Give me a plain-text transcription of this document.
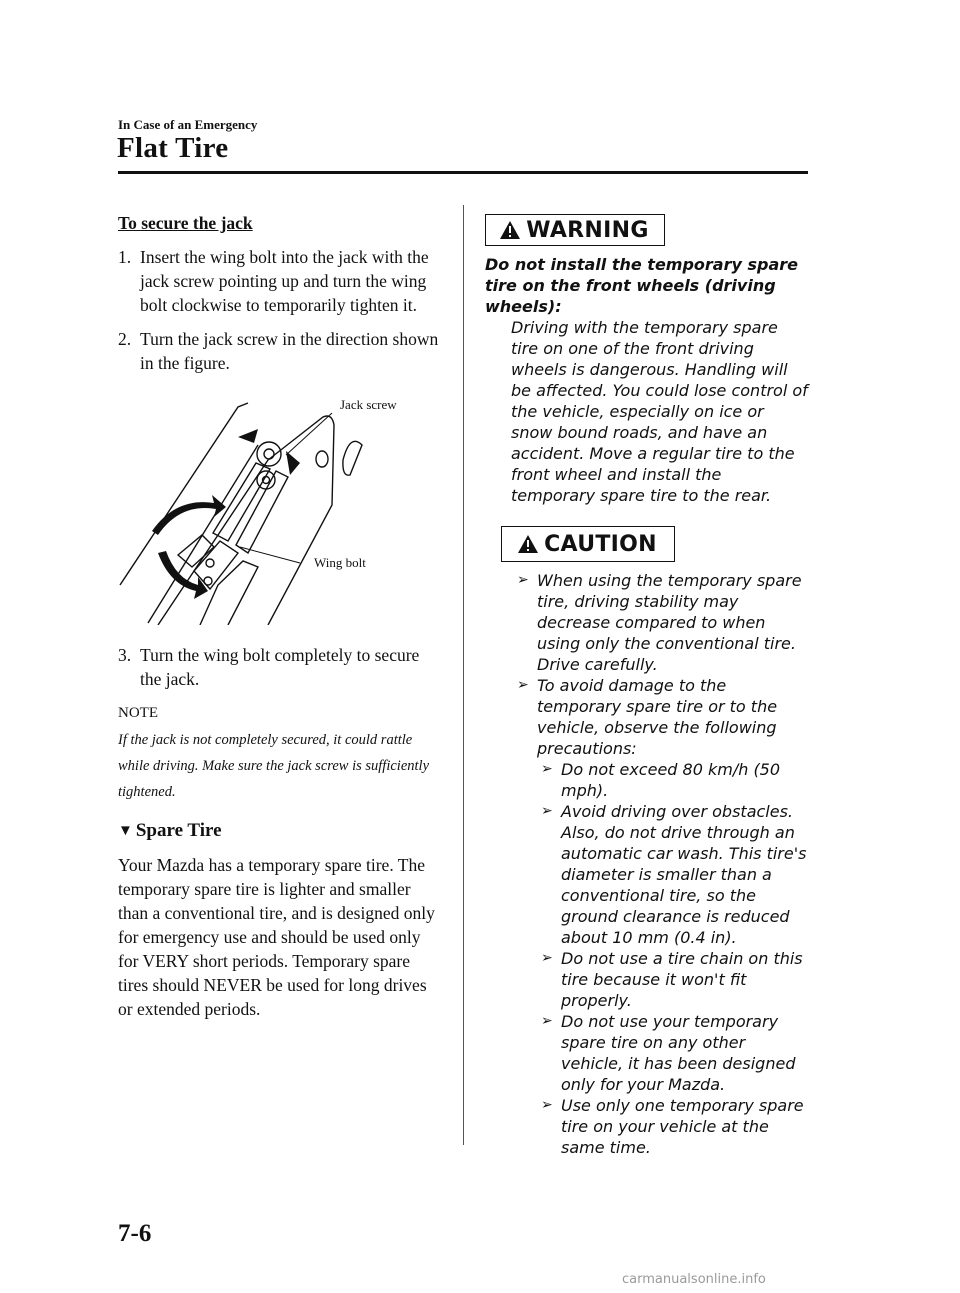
In Case of an Emergency
Flat Tire

To secure the jack

1. Insert the wing bolt into the jack with the jack screw pointing up and turn the wing bolt clockwise to temporarily tighten it.
2. Turn the jack screw in the direction shown in the figure.
Jack screw
Wing bolt
3. Turn the wing bolt completely to secure the jack.
NOTE

If the jack is not completely secured, it could rattle while driving. Make sure the jack screw is sufficiently tightened.

▼ Spare Tire

Your Mazda has a temporary spare tire. The temporary spare tire is lighter and smaller than a conventional tire, and is designed only for emergency use and should be used only for VERY short periods. Temporary spare tires should NEVER be used for long drives or extended periods.

WARNING

Do not install the temporary spare tire on the front wheels (driving wheels):

Driving with the temporary spare tire on one of the front driving wheels is dangerous. Handling will be affected. You could lose control of the vehicle, especially on ice or snow bound roads, and have an accident. Move a regular tire to the front wheel and install the temporary spare tire to the rear.

CAUTION
➢ When using the temporary spare tire, driving stability may decrease compared to when using only the conventional tire. Drive carefully.
➢ To avoid damage to the temporary spare tire or to the vehicle, observe the following precautions:
➢ Do not exceed 80 km/h (50 mph).
➢ Avoid driving over obstacles. Also, do not drive through an automatic car wash. This tire's diameter is smaller than a conventional tire, so the ground clearance is reduced about 10 mm (0.4 in).
➢ Do not use a tire chain on this tire because it won't fit properly.
➢ Do not use your temporary spare tire on any other vehicle, it has been designed only for your Mazda.
➢ Use only one temporary spare tire on your vehicle at the same time.
7-6
carmanualsonline.info
